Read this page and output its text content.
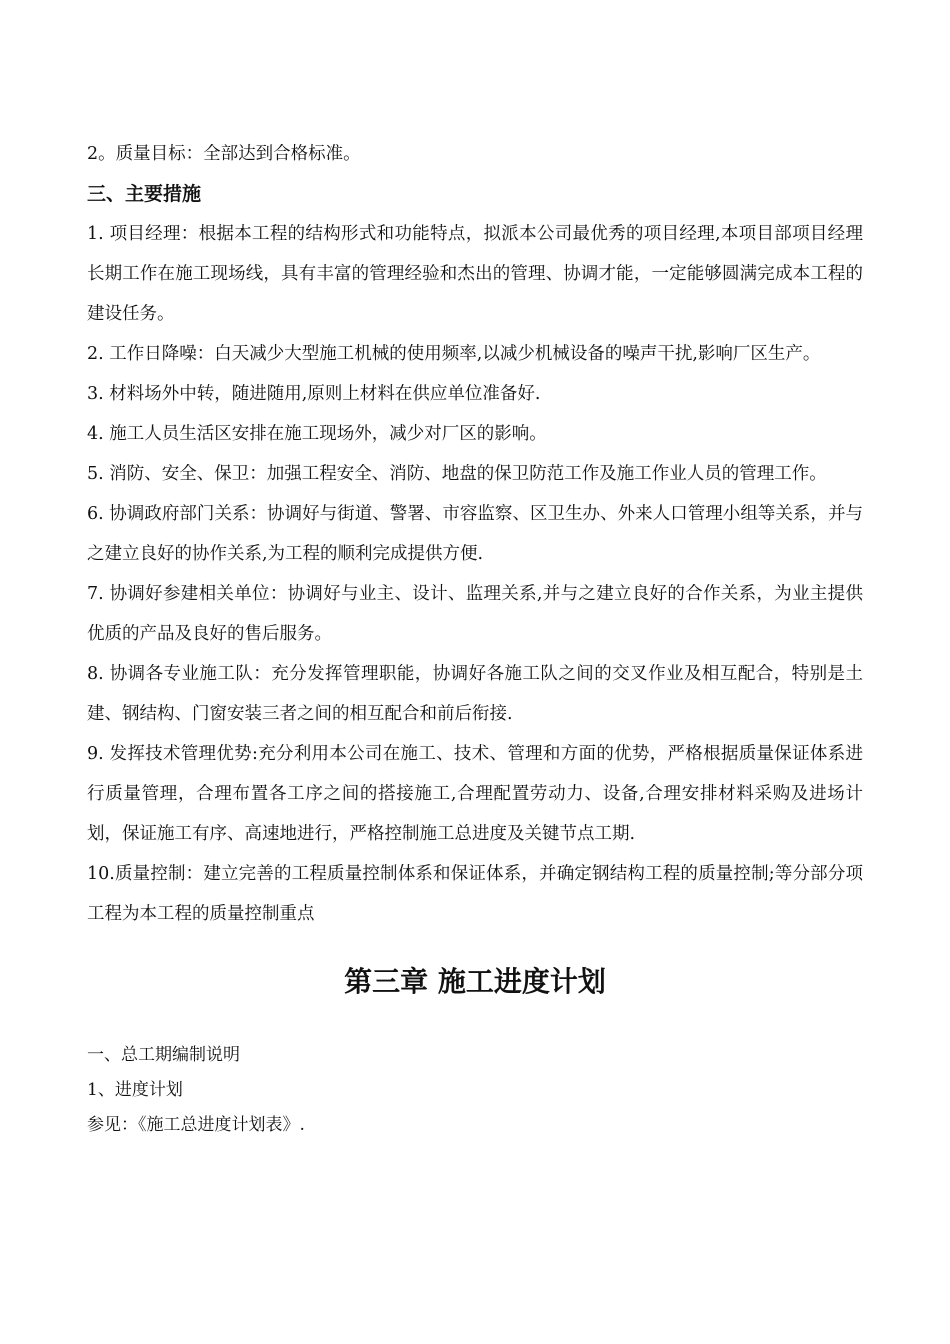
2。质量目标：全部达到合格标准。

三、主要措施

1. 项目经理：根据本工程的结构形式和功能特点，拟派本公司最优秀的项目经理,本项目部项目经理长期工作在施工现场线，具有丰富的管理经验和杰出的管理、协调才能，一定能够圆满完成本工程的建设任务。

2. 工作日降噪：白天减少大型施工机械的使用频率,以减少机械设备的噪声干扰,影响厂区生产。

3. 材料场外中转，随进随用,原则上材料在供应单位准备好.

4. 施工人员生活区安排在施工现场外，减少对厂区的影响。

5. 消防、安全、保卫：加强工程安全、消防、地盘的保卫防范工作及施工作业人员的管理工作。

6. 协调政府部门关系：协调好与街道、警署、市容监察、区卫生办、外来人口管理小组等关系，并与之建立良好的协作关系,为工程的顺利完成提供方便.

7. 协调好参建相关单位：协调好与业主、设计、监理关系,并与之建立良好的合作关系，为业主提供优质的产品及良好的售后服务。

8. 协调各专业施工队：充分发挥管理职能，协调好各施工队之间的交叉作业及相互配合，特别是土建、钢结构、门窗安装三者之间的相互配合和前后衔接.

9. 发挥技术管理优势:充分利用本公司在施工、技术、管理和方面的优势，严格根据质量保证体系进行质量管理，合理布置各工序之间的搭接施工,合理配置劳动力、设备,合理安排材料采购及进场计划，保证施工有序、高速地进行，严格控制施工总进度及关键节点工期.

10.质量控制：建立完善的工程质量控制体系和保证体系，并确定钢结构工程的质量控制;等分部分项工程为本工程的质量控制重点

第三章 施工进度计划

一、总工期编制说明

1、进度计划

参见：《施工总进度计划表》.
